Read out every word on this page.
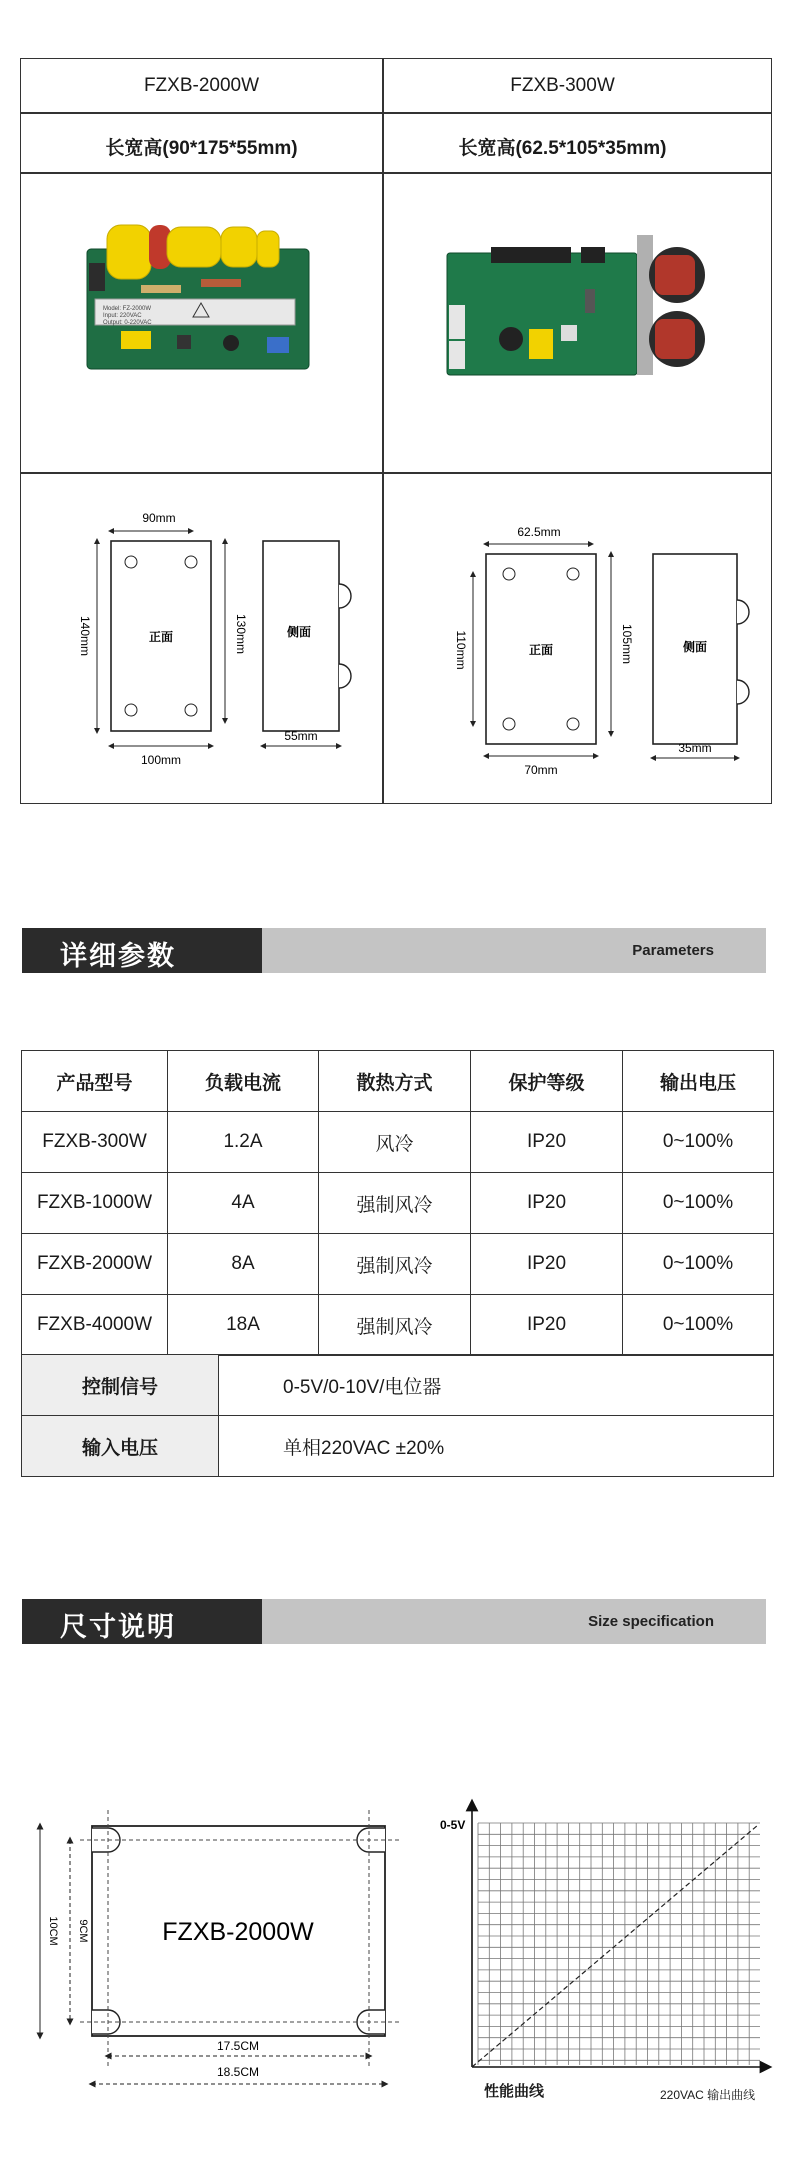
FZXB-2000W	FZXB-300W
长宽高(90*175*55mm)	长宽高(62.5*105*35mm)
Model: FZ-2000W
Input: 220VAC
Output: 0-220VAC
正面
90mm
140mm	130mm
100mm
侧面
55mm
正面
62.5mm
110mm	105mm
70mm
侧面
35mm
详细参数	Parameters
产品型号	负载电流	散热方式	保护等级	输出电压
FZXB-300W	1.2A	风冷	IP20	0~100%
FZXB-1000W	4A	强制风冷	IP20	0~100%
FZXB-2000W	8A	强制风冷	IP20	0~100%
FZXB-4000W	18A	强制风冷	IP20	0~100%
控制信号	0-5V/0-10V/电位器
输入电压	单相220VAC ±20%
尺寸说明	Size specification
FZXB-2000W
10CM 9CM
17.5CM
18.5CM
0-5V
性能曲线	220VAC 输出曲线
